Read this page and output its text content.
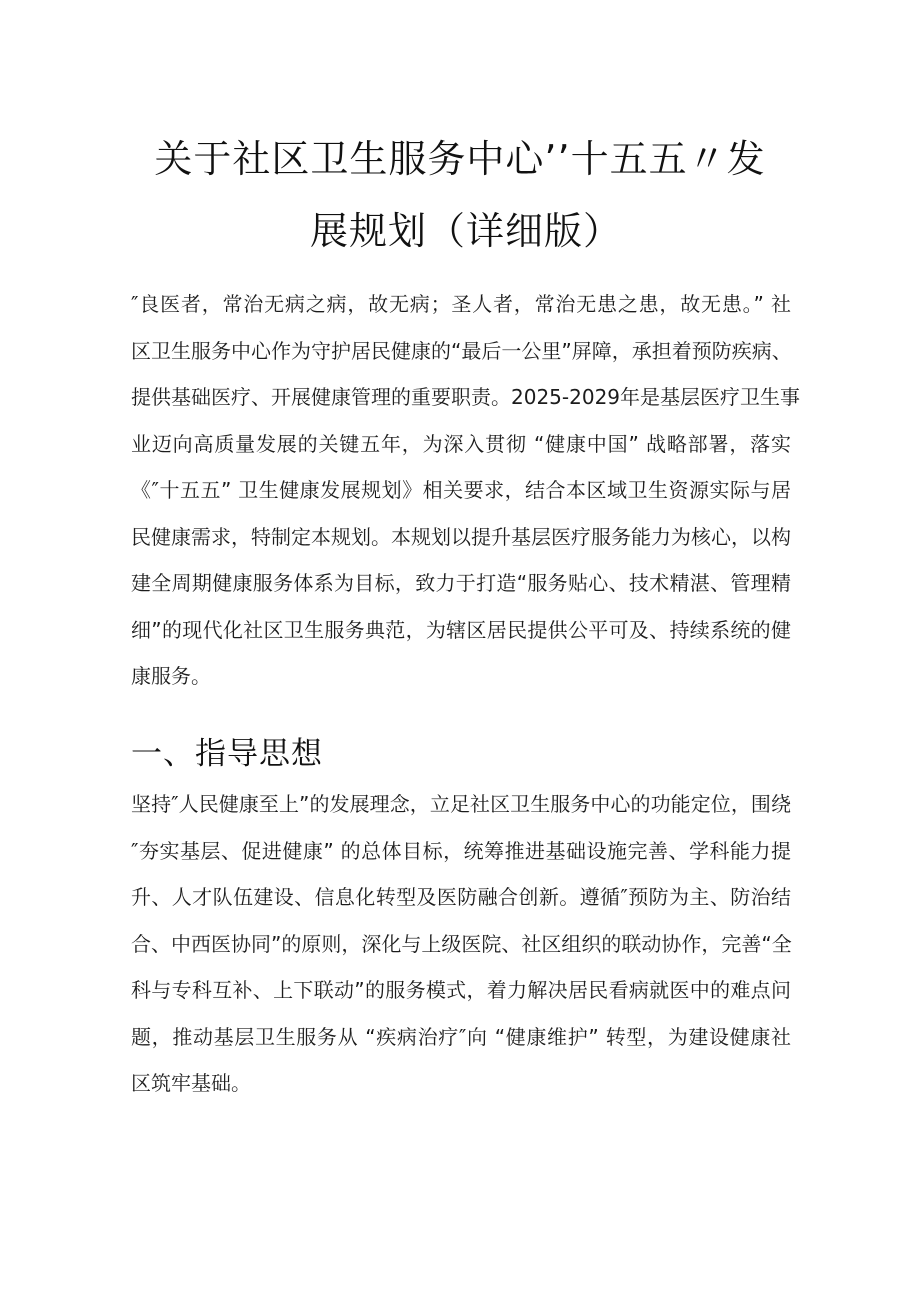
关于社区卫生服务中心’’十五五〃发
展规划（详细版）

″良医者，常治无病之病，故无病；圣人者，常治无患之患，故无患。” 社
区卫生服务中心作为守护居民健康的“最后一公里”屏障，承担着预防疾病、
提供基础医疗、开展健康管理的重要职责。2025-2029年是基层医疗卫生事
业迈向高质量发展的关键五年，为深入贯彻 “健康中国” 战略部署，落实
《″十五五” 卫生健康发展规划》相关要求，结合本区域卫生资源实际与居
民健康需求，特制定本规划。本规划以提升基层医疗服务能力为核心，以构
建全周期健康服务体系为目标，致力于打造“服务贴心、技术精湛、管理精
细”的现代化社区卫生服务典范，为辖区居民提供公平可及、持续系统的健
康服务。

一、指导思想

坚持″人民健康至上”的发展理念，立足社区卫生服务中心的功能定位，围绕
″夯实基层、促进健康” 的总体目标，统筹推进基础设施完善、学科能力提
升、人才队伍建设、信息化转型及医防融合创新。遵循″预防为主、防治结
合、中西医协同”的原则，深化与上级医院、社区组织的联动协作，完善“全
科与专科互补、上下联动”的服务模式，着力解决居民看病就医中的难点问
题，推动基层卫生服务从 “疾病治疗″向 “健康维护” 转型，为建设健康社
区筑牢基础。
